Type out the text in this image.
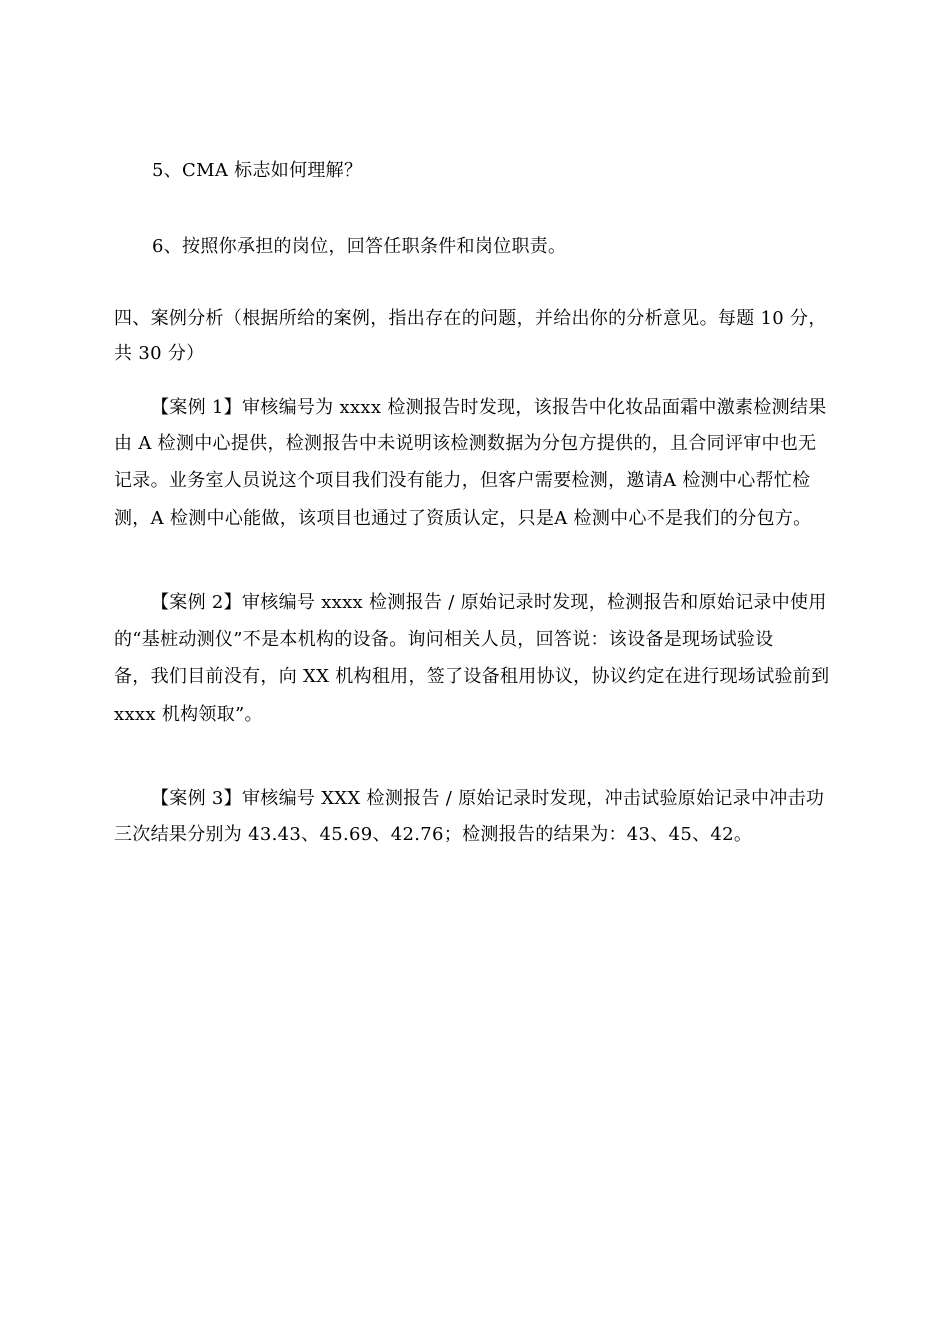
5、CMA 标志如何理解？
6、按照你承担的岗位，回答任职条件和岗位职责。
四、案例分析（根据所给的案例，指出存在的问题，并给出你的分析意见。每题 10 分，
共 30 分）
【案例 1】审核编号为 xxxx 检测报告时发现，该报告中化妆品面霜中激素检测结果
由 A 检测中心提供，检测报告中未说明该检测数据为分包方提供的，且合同评审中也无
记录。业务室人员说这个项目我们没有能力，但客户需要检测，邀请A 检测中心帮忙检
测，A 检测中心能做，该项目也通过了资质认定，只是A 检测中心不是我们的分包方。
【案例 2】审核编号 xxxx 检测报告 / 原始记录时发现，检测报告和原始记录中使用
的“基桩动测仪”不是本机构的设备。询问相关人员，回答说：该设备是现场试验设
备，我们目前没有，向 XX 机构租用，签了设备租用协议，协议约定在进行现场试验前到
xxxx 机构领取”。
【案例 3】审核编号 XXX 检测报告 / 原始记录时发现，冲击试验原始记录中冲击功
三次结果分别为 43.43、45.69、42.76；检测报告的结果为：43、45、42。
